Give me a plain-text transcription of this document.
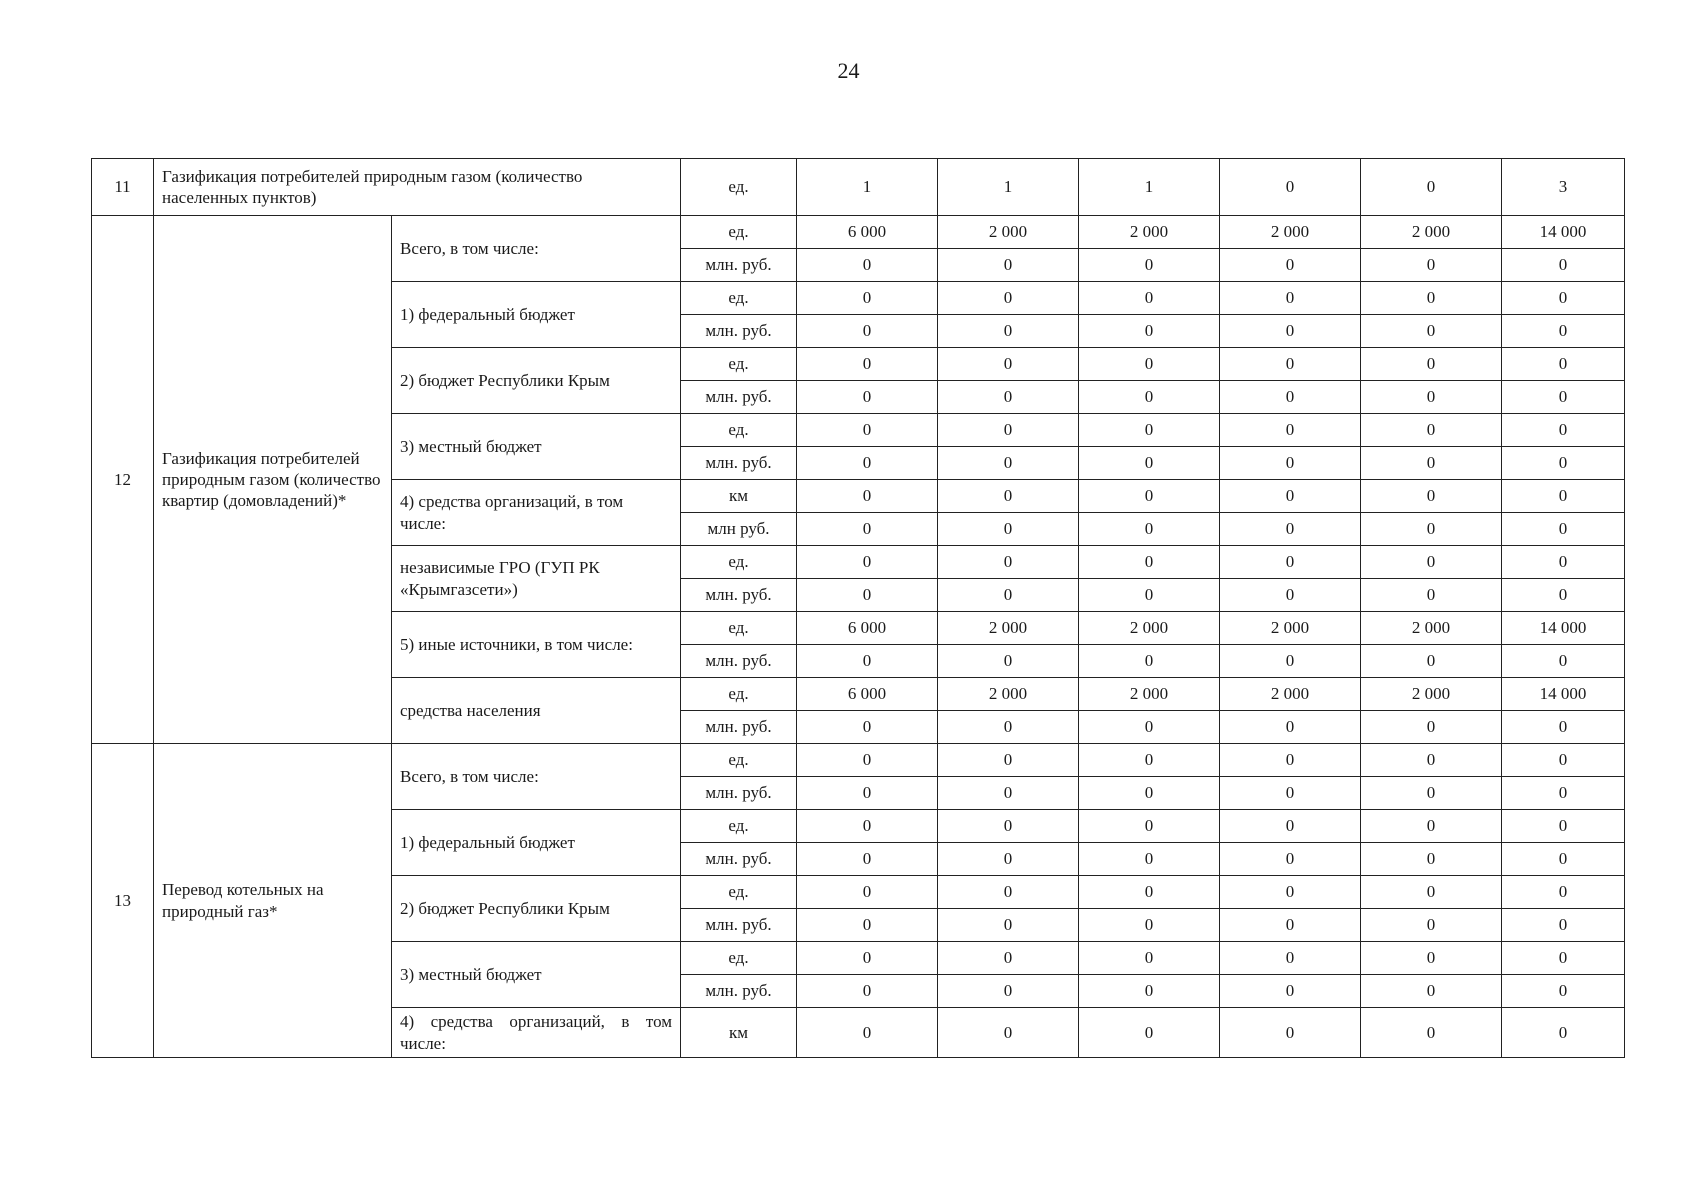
24
11	Газификация потребителей природным газом (количество населенных пунктов)		ед.	1	1	1	0	0	3
12	Газификация потребителей природным газом (количество квартир (домовладений)*	Всего, в том числе:	ед.	6 000	2 000	2 000	2 000	2 000	14 000
			млн. руб.	0	0	0	0	0	0
		1) федеральный бюджет	ед.	0	0	0	0	0	0
			млн. руб.	0	0	0	0	0	0
		2) бюджет Республики Крым	ед.	0	0	0	0	0	0
			млн. руб.	0	0	0	0	0	0
		3) местный бюджет	ед.	0	0	0	0	0	0
			млн. руб.	0	0	0	0	0	0
		4) средства организаций, в том числе:	км	0	0	0	0	0	0
			млн руб.	0	0	0	0	0	0
		независимые ГРО (ГУП РК «Крымгазсети»)	ед.	0	0	0	0	0	0
			млн. руб.	0	0	0	0	0	0
		5) иные источники, в том числе:	ед.	6 000	2 000	2 000	2 000	2 000	14 000
			млн. руб.	0	0	0	0	0	0
		средства населения	ед.	6 000	2 000	2 000	2 000	2 000	14 000
			млн. руб.	0	0	0	0	0	0
13	Перевод котельных на природный газ*	Всего, в том числе:	ед.	0	0	0	0	0	0
			млн. руб.	0	0	0	0	0	0
		1) федеральный бюджет	ед.	0	0	0	0	0	0
			млн. руб.	0	0	0	0	0	0
		2) бюджет Республики Крым	ед.	0	0	0	0	0	0
			млн. руб.	0	0	0	0	0	0
		3) местный бюджет	ед.	0	0	0	0	0	0
			млн. руб.	0	0	0	0	0	0
		4) средства организаций, в том числе:	км	0	0	0	0	0	0
